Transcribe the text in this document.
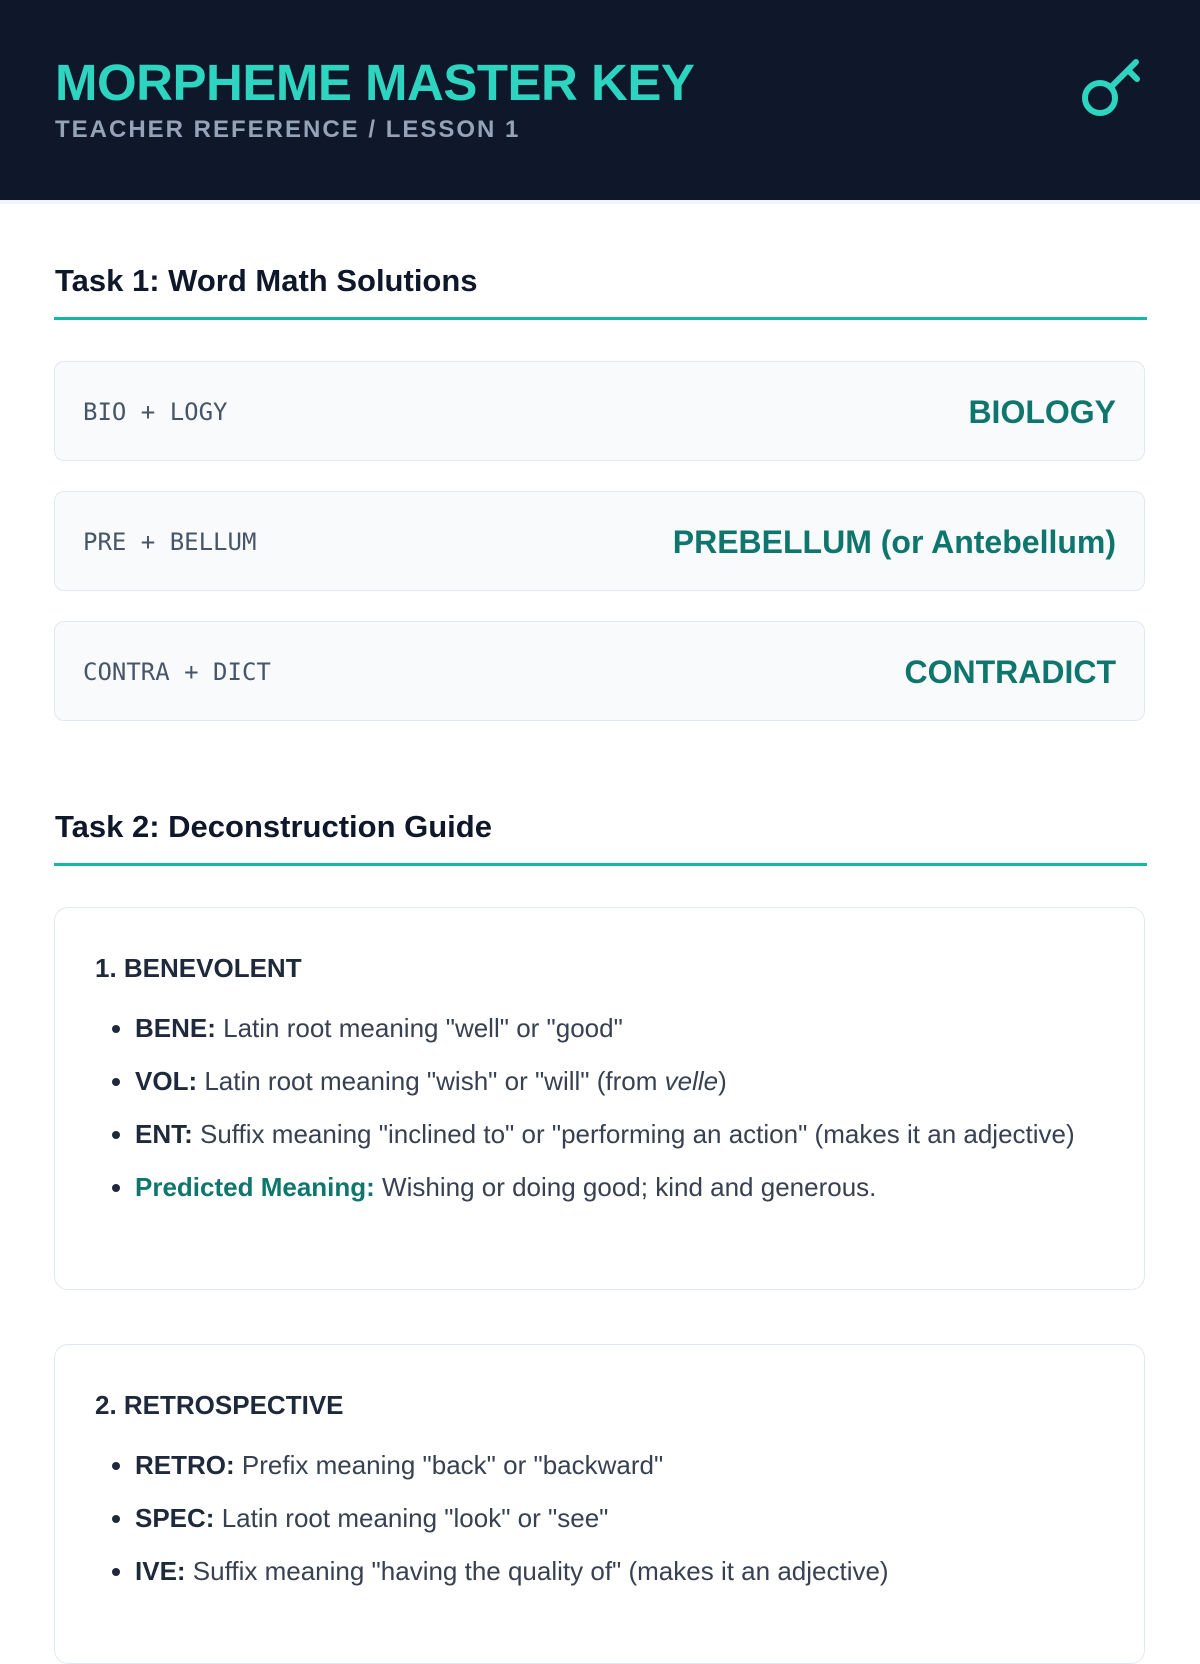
MORPHEME MASTER KEY
TEACHER REFERENCE / LESSON 1
Task 1: Word Math Solutions
BIO + LOGY	BIOLOGY
PRE + BELLUM	PREBELLUM (or Antebellum)
CONTRA + DICT	CONTRADICT
Task 2: Deconstruction Guide
1. BENEVOLENT
• BENE: Latin root meaning "well" or "good"
• VOL: Latin root meaning "wish" or "will" (from velle)
• ENT: Suffix meaning "inclined to" or "performing an action" (makes it an adjective)
• Predicted Meaning: Wishing or doing good; kind and generous.
2. RETROSPECTIVE
• RETRO: Prefix meaning "back" or "backward"
• SPEC: Latin root meaning "look" or "see"
• IVE: Suffix meaning "having the quality of" (makes it an adjective)
